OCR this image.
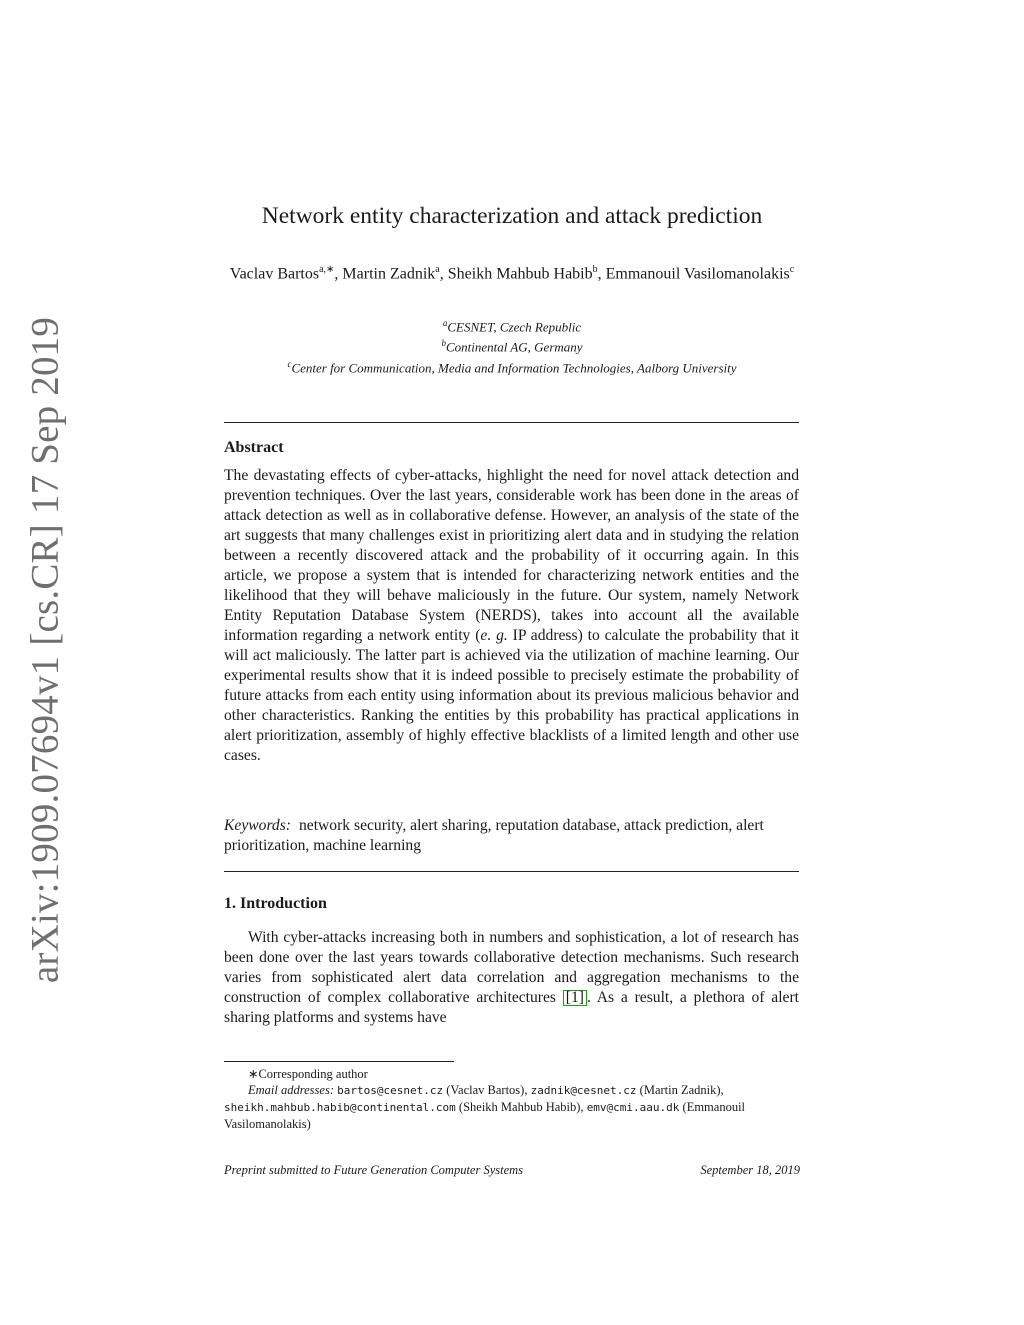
arXiv:1909.07694v1 [cs.CR] 17 Sep 2019
Network entity characterization and attack prediction
Vaclav Bartos$^{a,∗}$, Martin Zadnik$^a$, Sheikh Mahbub Habib$^b$, Emmanouil Vasilomanolakis$^c$
$^a$CESNET, Czech Republic
$^b$Continental AG, Germany
$^c$Center for Communication, Media and Information Technologies, Aalborg University
Abstract
The devastating effects of cyber-attacks, highlight the need for novel attack detection and prevention techniques. Over the last years, considerable work has been done in the areas of attack detection as well as in collaborative defense. However, an analysis of the state of the art suggests that many challenges exist in prioritizing alert data and in studying the relation between a recently discovered attack and the probability of it occurring again. In this article, we propose a system that is intended for characterizing network entities and the likelihood that they will behave maliciously in the future. Our system, namely Network Entity Reputation Database System (NERDS), takes into account all the available information regarding a network entity (e. g. IP address) to calculate the probability that it will act maliciously. The latter part is achieved via the utilization of machine learning. Our experimental results show that it is indeed possible to precisely estimate the probability of future attacks from each entity using information about its previous malicious behavior and other characteristics. Ranking the entities by this probability has practical applications in alert prioritization, assembly of highly effective blacklists of a limited length and other use cases.
Keywords: network security, alert sharing, reputation database, attack prediction, alert prioritization, machine learning
1. Introduction
With cyber-attacks increasing both in numbers and sophistication, a lot of research has been done over the last years towards collaborative detection mechanisms. Such research varies from sophisticated alert data correlation and aggregation mechanisms to the construction of complex collaborative architectures [1] . As a result, a plethora of alert sharing platforms and systems have
∗Corresponding author
Email addresses: bartos@cesnet.cz (Vaclav Bartos), zadnik@cesnet.cz (Martin Zadnik), sheikh.mahbub.habib@continental.com (Sheikh Mahbub Habib), emv@cmi.aau.dk (Emmanouil Vasilomanolakis)
Preprint submitted to Future Generation Computer Systems	September 18, 2019
